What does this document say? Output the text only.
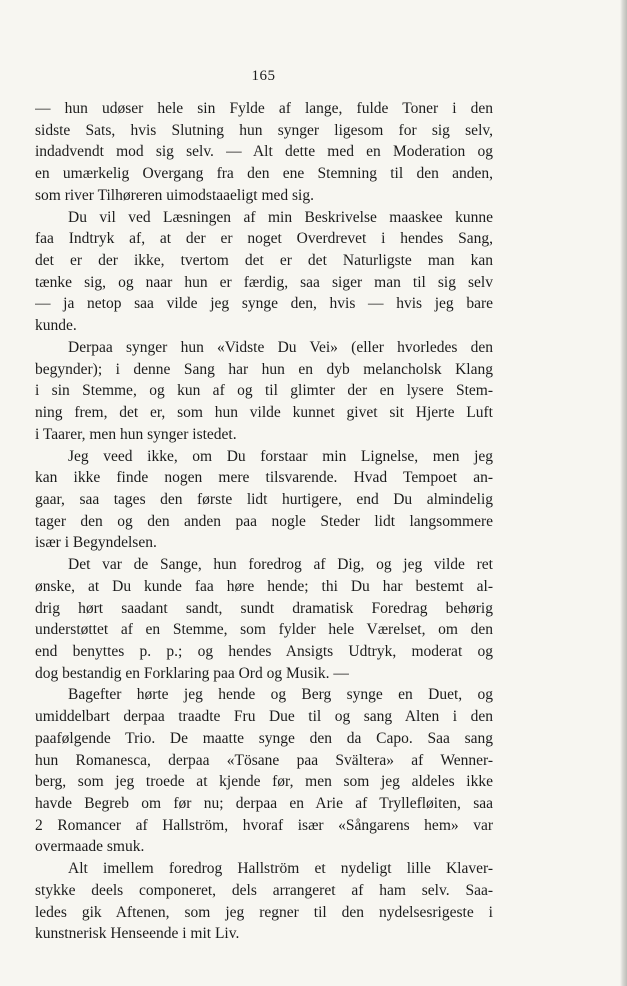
165
— hun udøser hele sin Fylde af lange, fulde Toner i den
sidste Sats, hvis Slutning hun synger ligesom for sig selv,
indadvendt mod sig selv. — Alt dette med en Moderation og
en umærkelig Overgang fra den ene Stemning til den anden,
som river Tilhøreren uimodstaaeligt med sig.
Du vil ved Læsningen af min Beskrivelse maaskee kunne
faa Indtryk af, at der er noget Overdrevet i hendes Sang,
det er der ikke, tvertom det er det Naturligste man kan
tænke sig, og naar hun er færdig, saa siger man til sig selv
— ja netop saa vilde jeg synge den, hvis — hvis jeg bare
kunde.
Derpaa synger hun «Vidste Du Vei» (eller hvorledes den
begynder); i denne Sang har hun en dyb melancholsk Klang
i sin Stemme, og kun af og til glimter der en lysere Stem-
ning frem, det er, som hun vilde kunnet givet sit Hjerte Luft
i Taarer, men hun synger istedet.
Jeg veed ikke, om Du forstaar min Lignelse, men jeg
kan ikke finde nogen mere tilsvarende. Hvad Tempoet an-
gaar, saa tages den første lidt hurtigere, end Du almindelig
tager den og den anden paa nogle Steder lidt langsommere
især i Begyndelsen.
Det var de Sange, hun foredrog af Dig, og jeg vilde ret
ønske, at Du kunde faa høre hende; thi Du har bestemt al-
drig hørt saadant sandt, sundt dramatisk Foredrag behørig
understøttet af en Stemme, som fylder hele Værelset, om den
end benyttes p. p.; og hendes Ansigts Udtryk, moderat og
dog bestandig en Forklaring paa Ord og Musik. —
Bagefter hørte jeg hende og Berg synge en Duet, og
umiddelbart derpaa traadte Fru Due til og sang Alten i den
paafølgende Trio. De maatte synge den da Capo. Saa sang
hun Romanesca, derpaa «Tösane paa Svältera» af Wenner-
berg, som jeg troede at kjende før, men som jeg aldeles ikke
havde Begreb om før nu; derpaa en Arie af Tryllefløiten, saa
2 Romancer af Hallström, hvoraf især «Sångarens hem» var
overmaade smuk.
Alt imellem foredrog Hallström et nydeligt lille Klaver-
stykke deels componeret, dels arrangeret af ham selv. Saa-
ledes gik Aftenen, som jeg regner til den nydelsesrigeste i
kunstnerisk Henseende i mit Liv.
